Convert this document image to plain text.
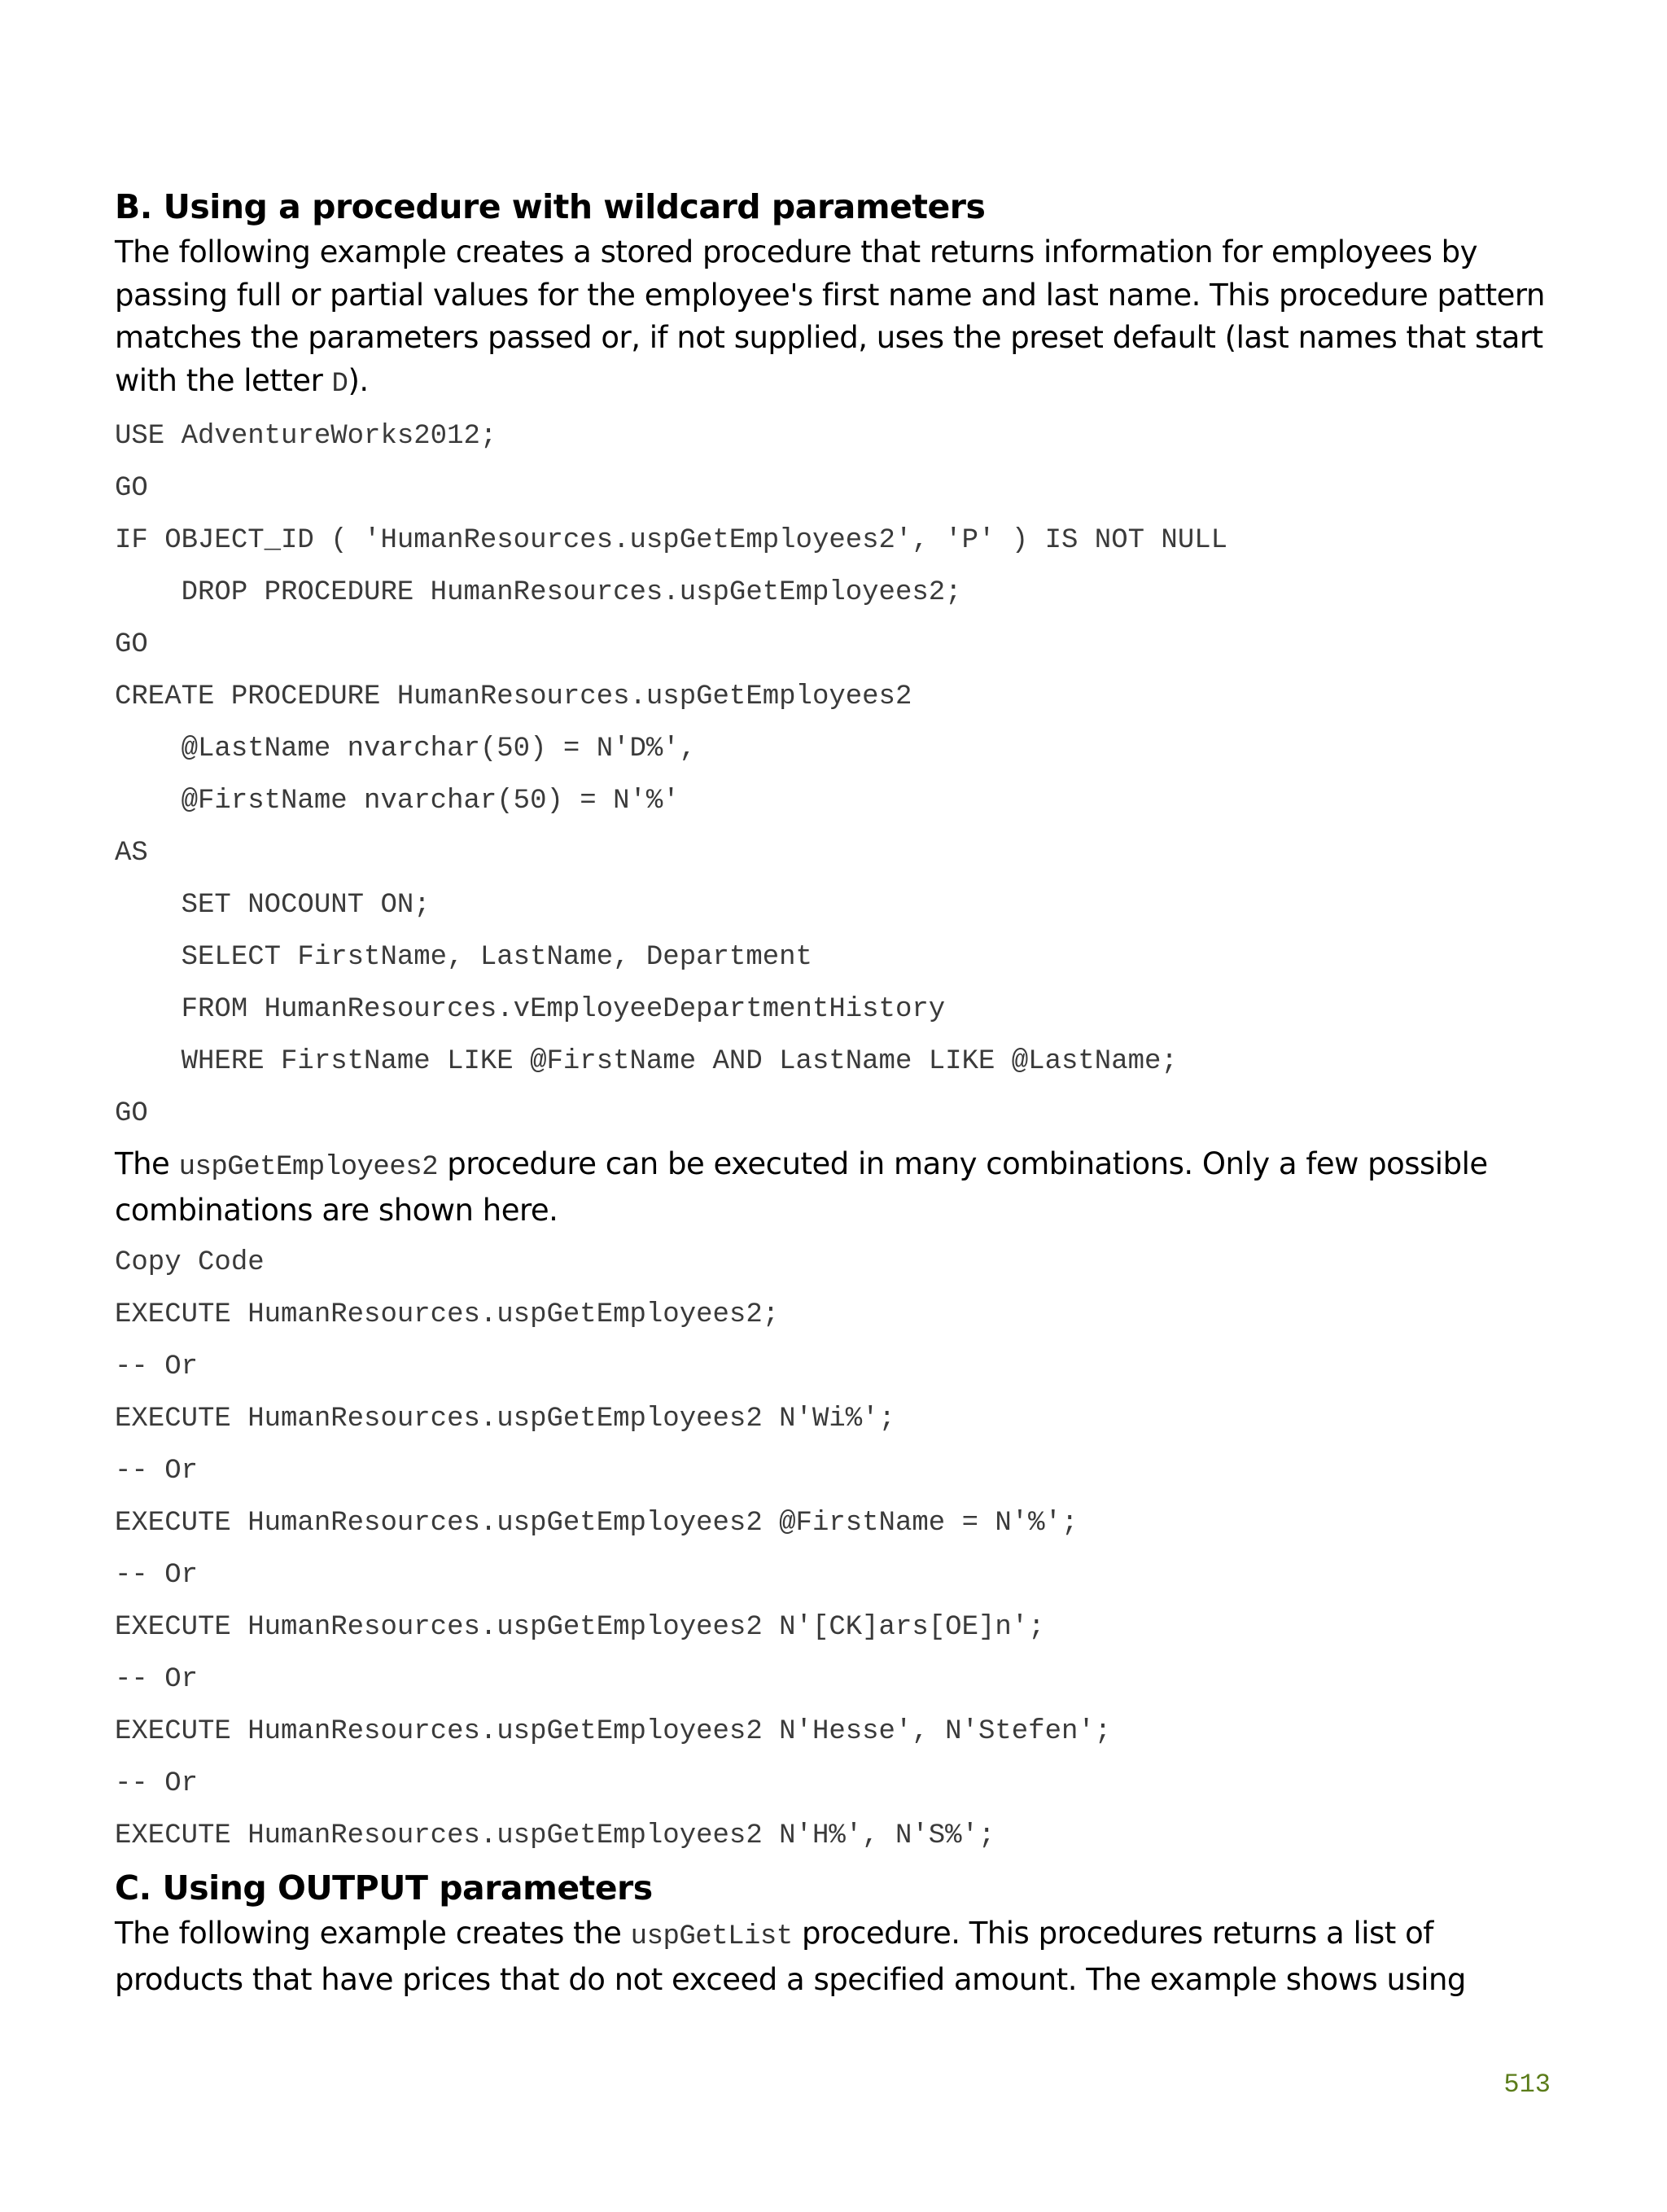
B. Using a procedure with wildcard parameters

The following example creates a stored procedure that returns information for employees by passing full or partial values for the employee's first name and last name. This procedure pattern matches the parameters passed or, if not supplied, uses the preset default (last names that start with the letter D).

USE AdventureWorks2012;
GO
IF OBJECT_ID ( 'HumanResources.uspGetEmployees2', 'P' ) IS NOT NULL
DROP PROCEDURE HumanResources.uspGetEmployees2;
GO
CREATE PROCEDURE HumanResources.uspGetEmployees2
@LastName nvarchar(50) = N'D%',
@FirstName nvarchar(50) = N'%'
AS
SET NOCOUNT ON;
SELECT FirstName, LastName, Department
FROM HumanResources.vEmployeeDepartmentHistory
WHERE FirstName LIKE @FirstName AND LastName LIKE @LastName;
GO

The uspGetEmployees2 procedure can be executed in many combinations. Only a few possible combinations are shown here.

Copy Code
EXECUTE HumanResources.uspGetEmployees2;
-- Or
EXECUTE HumanResources.uspGetEmployees2 N'Wi%';
-- Or
EXECUTE HumanResources.uspGetEmployees2 @FirstName = N'%';
-- Or
EXECUTE HumanResources.uspGetEmployees2 N'[CK]ars[OE]n';
-- Or
EXECUTE HumanResources.uspGetEmployees2 N'Hesse', N'Stefen';
-- Or
EXECUTE HumanResources.uspGetEmployees2 N'H%', N'S%';
C. Using OUTPUT parameters

The following example creates the uspGetList procedure. This procedures returns a list of products that have prices that do not exceed a specified amount. The example shows using

513
